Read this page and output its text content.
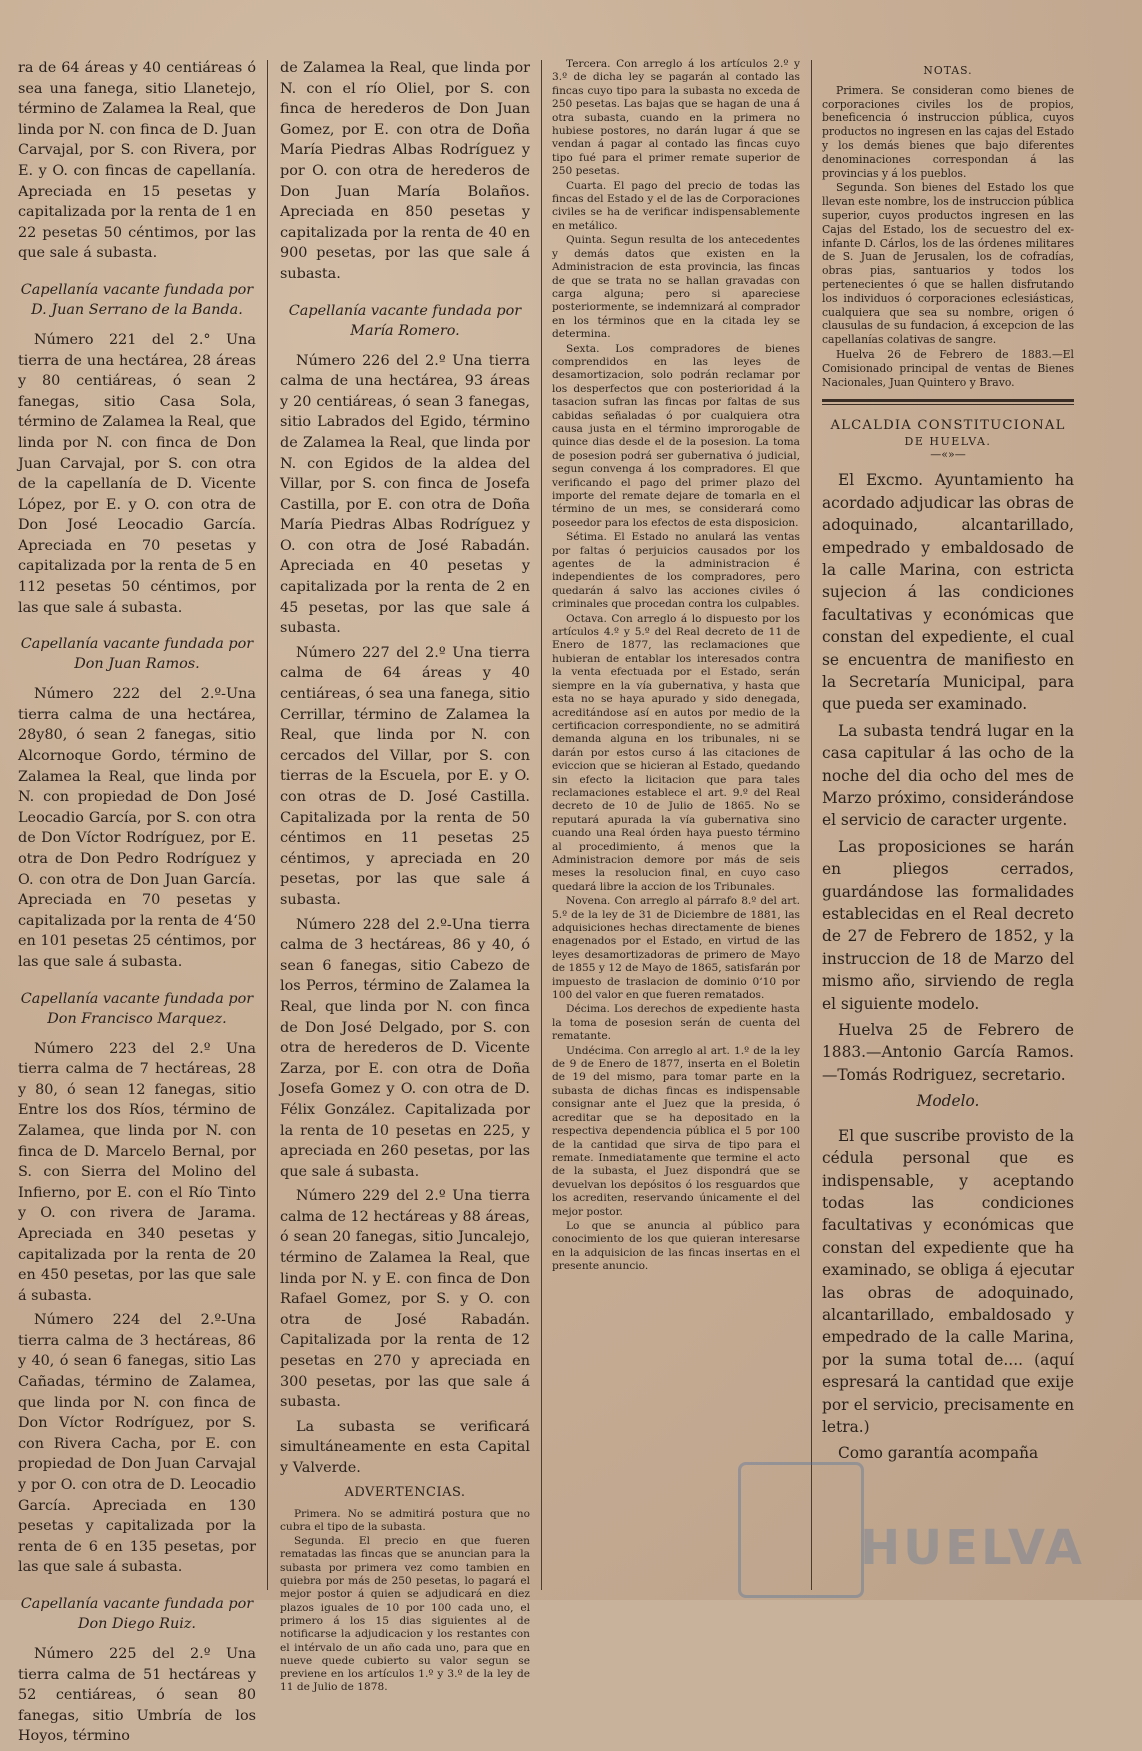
ra de 64 áreas y 40 centiáreas ó sea una fanega, sitio Llanetejo, término de Zalamea la Real, que linda por N. con finca de D. Juan Carvajal, por S. con Rivera, por E. y O. con fincas de capellanía. Apreciada en 15 pesetas y capitalizada por la renta de 1 en 22 pesetas 50 céntimos, por las que sale á subasta.

Capellanía vacante fundada por D. Juan Serrano de la Banda.

Número 221 del 2.° Una tierra de una hectárea, 28 áreas y 80 centiáreas, ó sean 2 fanegas, sitio Casa Sola, término de Zalamea la Real, que linda por N. con finca de Don Juan Carvajal, por S. con otra de la capellanía de D. Vicente López, por E. y O. con otra de Don José Leocadio García. Apreciada en 70 pesetas y capitalizada por la renta de 5 en 112 pesetas 50 céntimos, por las que sale á subasta.

Capellanía vacante fundada por Don Juan Ramos.

Número 222 del 2.º-Una tierra calma de una hectárea, 28y80, ó sean 2 fanegas, sitio Alcornoque Gordo, término de Zalamea la Real, que linda por N. con propiedad de Don José Leocadio García, por S. con otra de Don Víctor Rodríguez, por E. otra de Don Pedro Rodríguez y O. con otra de Don Juan García. Apreciada en 70 pesetas y capitalizada por la renta de 4‘50 en 101 pesetas 25 céntimos, por las que sale á subasta.

Capellanía vacante fundada por Don Francisco Marquez.

Número 223 del 2.º Una tierra calma de 7 hectáreas, 28 y 80, ó sean 12 fanegas, sitio Entre los dos Ríos, término de Zalamea, que linda por N. con finca de D. Marcelo Bernal, por S. con Sierra del Molino del Infierno, por E. con el Río Tinto y O. con rivera de Jarama. Apreciada en 340 pesetas y capitalizada por la renta de 20 en 450 pesetas, por las que sale á subasta.

Número 224 del 2.º-Una tierra calma de 3 hectáreas, 86 y 40, ó sean 6 fanegas, sitio Las Cañadas, término de Zalamea, que linda por N. con finca de Don Víctor Rodríguez, por S. con Rivera Cacha, por E. con propiedad de Don Juan Carvajal y por O. con otra de D. Leocadio García. Apreciada en 130 pesetas y capitalizada por la renta de 6 en 135 pesetas, por las que sale á subasta.

Capellanía vacante fundada por Don Diego Ruiz.

Número 225 del 2.º Una tierra calma de 51 hectáreas y 52 centiáreas, ó sean 80 fanegas, sitio Umbría de los Hoyos, término

de Zalamea la Real, que linda por N. con el río Oliel, por S. con finca de herederos de Don Juan Gomez, por E. con otra de Doña María Piedras Albas Rodríguez y por O. con otra de herederos de Don Juan María Bolaños. Apreciada en 850 pesetas y capitalizada por la renta de 40 en 900 pesetas, por las que sale á subasta.

Capellanía vacante fundada por María Romero.

Número 226 del 2.º Una tierra calma de una hectárea, 93 áreas y 20 centiáreas, ó sean 3 fanegas, sitio Labrados del Egido, término de Zalamea la Real, que linda por N. con Egidos de la aldea del Villar, por S. con finca de Josefa Castilla, por E. con otra de Doña María Piedras Albas Rodríguez y O. con otra de José Rabadán. Apreciada en 40 pesetas y capitalizada por la renta de 2 en 45 pesetas, por las que sale á subasta.

Número 227 del 2.º Una tierra calma de 64 áreas y 40 centiáreas, ó sea una fanega, sitio Cerrillar, término de Zalamea la Real, que linda por N. con cercados del Villar, por S. con tierras de la Escuela, por E. y O. con otras de D. José Castilla. Capitalizada por la renta de 50 céntimos en 11 pesetas 25 céntimos, y apreciada en 20 pesetas, por las que sale á subasta.

Número 228 del 2.º-Una tierra calma de 3 hectáreas, 86 y 40, ó sean 6 fanegas, sitio Cabezo de los Perros, término de Zalamea la Real, que linda por N. con finca de Don José Delgado, por S. con otra de herederos de D. Vicente Zarza, por E. con otra de Doña Josefa Gomez y O. con otra de D. Félix González. Capitalizada por la renta de 10 pesetas en 225, y apreciada en 260 pesetas, por las que sale á subasta.

Número 229 del 2.º Una tierra calma de 12 hectáreas y 88 áreas, ó sean 20 fanegas, sitio Juncalejo, término de Zalamea la Real, que linda por N. y E. con finca de Don Rafael Gomez, por S. y O. con otra de José Rabadán. Capitalizada por la renta de 12 pesetas en 270 y apreciada en 300 pesetas, por las que sale á subasta.

La subasta se verificará simultáneamente en esta Capital y Valverde.

ADVERTENCIAS.

Primera. No se admitirá postura que no cubra el tipo de la subasta.

Segunda. El precio en que fueren rematadas las fincas que se anuncian para la subasta por primera vez como tambien en quiebra por más de 250 pesetas, lo pagará el mejor postor á quien se adjudicará en diez plazos iguales de 10 por 100 cada uno, el primero á los 15 dias siguientes al de notificarse la adjudicacion y los restantes con el intérvalo de un año cada uno, para que en nueve quede cubierto su valor segun se previene en los artículos 1.º y 3.º de la ley de 11 de Julio de 1878.

Tercera. Con arreglo á los artículos 2.º y 3.º de dicha ley se pagarán al contado las fincas cuyo tipo para la subasta no exceda de 250 pesetas. Las bajas que se hagan de una á otra subasta, cuando en la primera no hubiese postores, no darán lugar á que se vendan á pagar al contado las fincas cuyo tipo fué para el primer remate superior de 250 pesetas.

Cuarta. El pago del precio de todas las fincas del Estado y el de las de Corporaciones civiles se ha de verificar indispensablemente en metálico.

Quinta. Segun resulta de los antecedentes y demás datos que existen en la Administracion de esta provincia, las fincas de que se trata no se hallan gravadas con carga alguna; pero si apareciese posteriormente, se indemnizará al comprador en los términos que en la citada ley se determina.

Sexta. Los compradores de bienes comprendidos en las leyes de desamortizacion, solo podrán reclamar por los desperfectos que con posterioridad á la tasacion sufran las fincas por faltas de sus cabidas señaladas ó por cualquiera otra causa justa en el término improrogable de quince dias desde el de la posesion. La toma de posesion podrá ser gubernativa ó judicial, segun convenga á los compradores. El que verificando el pago del primer plazo del importe del remate dejare de tomarla en el término de un mes, se considerará como poseedor para los efectos de esta disposicion.

Sétima. El Estado no anulará las ventas por faltas ó perjuicios causados por los agentes de la administracion é independientes de los compradores, pero quedarán á salvo las acciones civiles ó criminales que procedan contra los culpables.

Octava. Con arreglo á lo dispuesto por los artículos 4.º y 5.º del Real decreto de 11 de Enero de 1877, las reclamaciones que hubieran de entablar los interesados contra la venta efectuada por el Estado, serán siempre en la vía gubernativa, y hasta que esta no se haya apurado y sido denegada, acreditándose así en autos por medio de la certificacion correspondiente, no se admitirá demanda alguna en los tribunales, ni se darán por estos curso á las citaciones de eviccion que se hicieran al Estado, quedando sin efecto la licitacion que para tales reclamaciones establece el art. 9.º del Real decreto de 10 de Julio de 1865. No se reputará apurada la vía gubernativa sino cuando una Real órden haya puesto término al procedimiento, á menos que la Administracion demore por más de seis meses la resolucion final, en cuyo caso quedará libre la accion de los Tribunales.

Novena. Con arreglo al párrafo 8.º del art. 5.º de la ley de 31 de Diciembre de 1881, las adquisiciones hechas directamente de bienes enagenados por el Estado, en virtud de las leyes desamortizadoras de primero de Mayo de 1855 y 12 de Mayo de 1865, satisfarán por impuesto de traslacion de dominio 0‘10 por 100 del valor en que fueren rematados.

Décima. Los derechos de expediente hasta la toma de posesion serán de cuenta del rematante.

Undécima. Con arreglo al art. 1.º de la ley de 9 de Enero de 1877, inserta en el Boletin de 19 del mismo, para tomar parte en la subasta de dichas fincas es indispensable consignar ante el Juez que la presida, ó acreditar que se ha depositado en la respectiva dependencia pública el 5 por 100 de la cantidad que sirva de tipo para el remate. Inmediatamente que termine el acto de la subasta, el Juez dispondrá que se devuelvan los depósitos ó los resguardos que los acrediten, reservando únicamente el del mejor postor.

Lo que se anuncia al público para conocimiento de los que quieran interesarse en la adquisicion de las fincas insertas en el presente anuncio.

NOTAS.

Primera. Se consideran como bienes de corporaciones civiles los de propios, beneficencia ó instruccion pública, cuyos productos no ingresen en las cajas del Estado y los demás bienes que bajo diferentes denominaciones correspondan á las provincias y á los pueblos.

Segunda. Son bienes del Estado los que llevan este nombre, los de instruccion pública superior, cuyos productos ingresen en las Cajas del Estado, los de secuestro del ex-infante D. Cárlos, los de las órdenes militares de S. Juan de Jerusalen, los de cofradías, obras pias, santuarios y todos los pertenecientes ó que se hallen disfrutando los individuos ó corporaciones eclesiásticas, cualquiera que sea su nombre, origen ó clausulas de su fundacion, á excepcion de las capellanías colativas de sangre.

Huelva 26 de Febrero de 1883.—El Comisionado principal de ventas de Bienes Nacionales, Juan Quintero y Bravo.

ALCALDIA CONSTITUCIONAL

DE HUELVA.

—«»—

El Excmo. Ayuntamiento ha acordado adjudicar las obras de adoquinado, alcantarillado, empedrado y embaldosado de la calle Marina, con estricta sujecion á las condiciones facultativas y económicas que constan del expediente, el cual se encuentra de manifiesto en la Secretaría Municipal, para que pueda ser examinado.

La subasta tendrá lugar en la casa capitular á las ocho de la noche del dia ocho del mes de Marzo próximo, considerándose el servicio de caracter urgente.

Las proposiciones se harán en pliegos cerrados, guardándose las formalidades establecidas en el Real decreto de 27 de Febrero de 1852, y la instruccion de 18 de Marzo del mismo año, sirviendo de regla el siguiente modelo.

Huelva 25 de Febrero de 1883.—Antonio García Ramos.—Tomás Rodriguez, secretario.

Modelo.

El que suscribe provisto de la cédula personal que es indispensable, y aceptando todas las condiciones facultativas y económicas que constan del expediente que ha examinado, se obliga á ejecutar las obras de adoquinado, alcantarillado, embaldosado y empedrado de la calle Marina, por la suma total de.... (aquí espresará la cantidad que exije por el servicio, precisamente en letra.)

Como garantía acompaña

HUELVA
